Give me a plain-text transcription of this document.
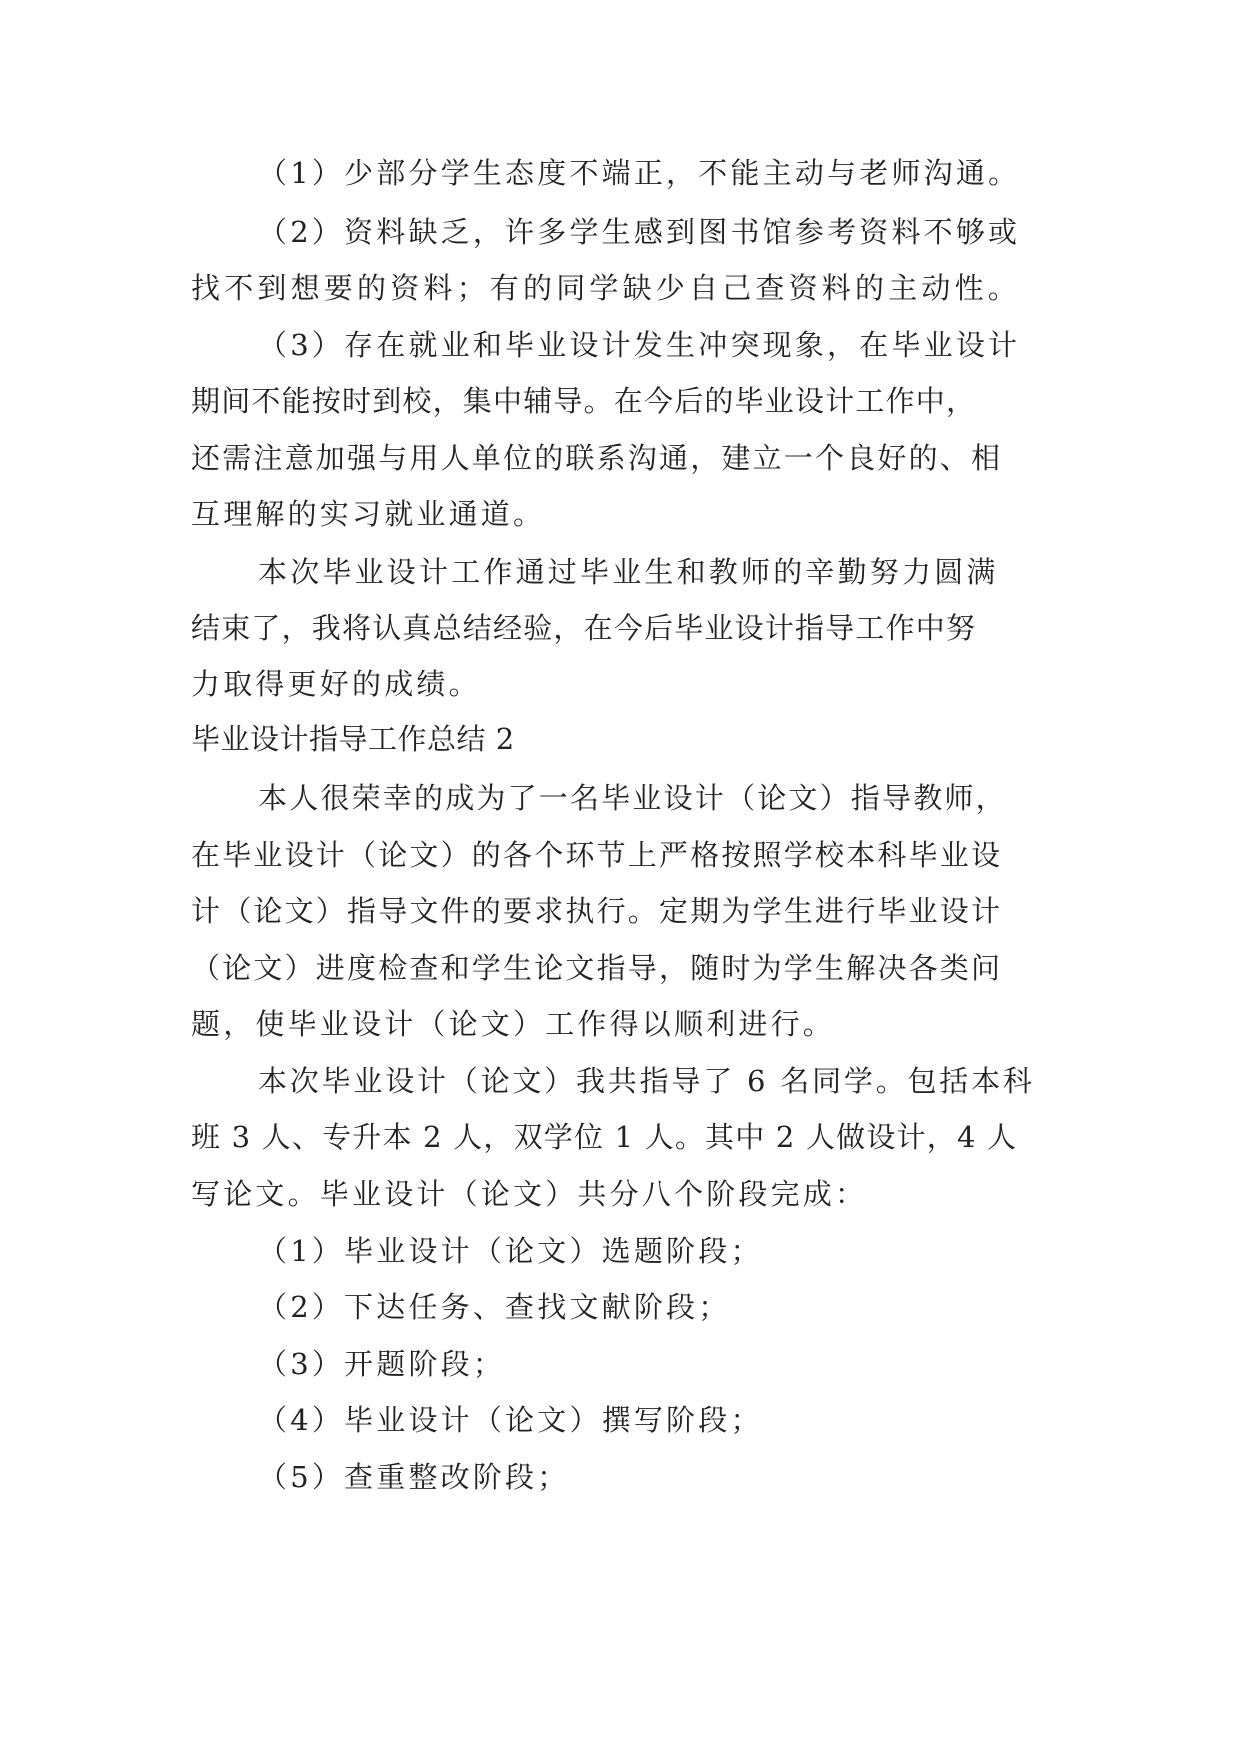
（1）少部分学生态度不端正，不能主动与老师沟通。

（2）资料缺乏，许多学生感到图书馆参考资料不够或

找不到想要的资料；有的同学缺少自己查资料的主动性。

（3）存在就业和毕业设计发生冲突现象，在毕业设计

期间不能按时到校，集中辅导。在今后的毕业设计工作中，

还需注意加强与用人单位的联系沟通，建立一个良好的、相

互理解的实习就业通道。

本次毕业设计工作通过毕业生和教师的辛勤努力圆满

结束了，我将认真总结经验，在今后毕业设计指导工作中努

力取得更好的成绩。

毕业设计指导工作总结 2

本人很荣幸的成为了一名毕业设计（论文）指导教师，

在毕业设计（论文）的各个环节上严格按照学校本科毕业设

计（论文）指导文件的要求执行。定期为学生进行毕业设计

（论文）进度检查和学生论文指导，随时为学生解决各类问

题，使毕业设计（论文）工作得以顺利进行。

本次毕业设计（论文）我共指导了 6 名同学。包括本科

班 3 人、专升本 2 人，双学位 1 人。其中 2 人做设计，4 人

写论文。毕业设计（论文）共分八个阶段完成：

（1）毕业设计（论文）选题阶段；

（2）下达任务、查找文献阶段；

（3）开题阶段；

（4）毕业设计（论文）撰写阶段；

（5）查重整改阶段；
